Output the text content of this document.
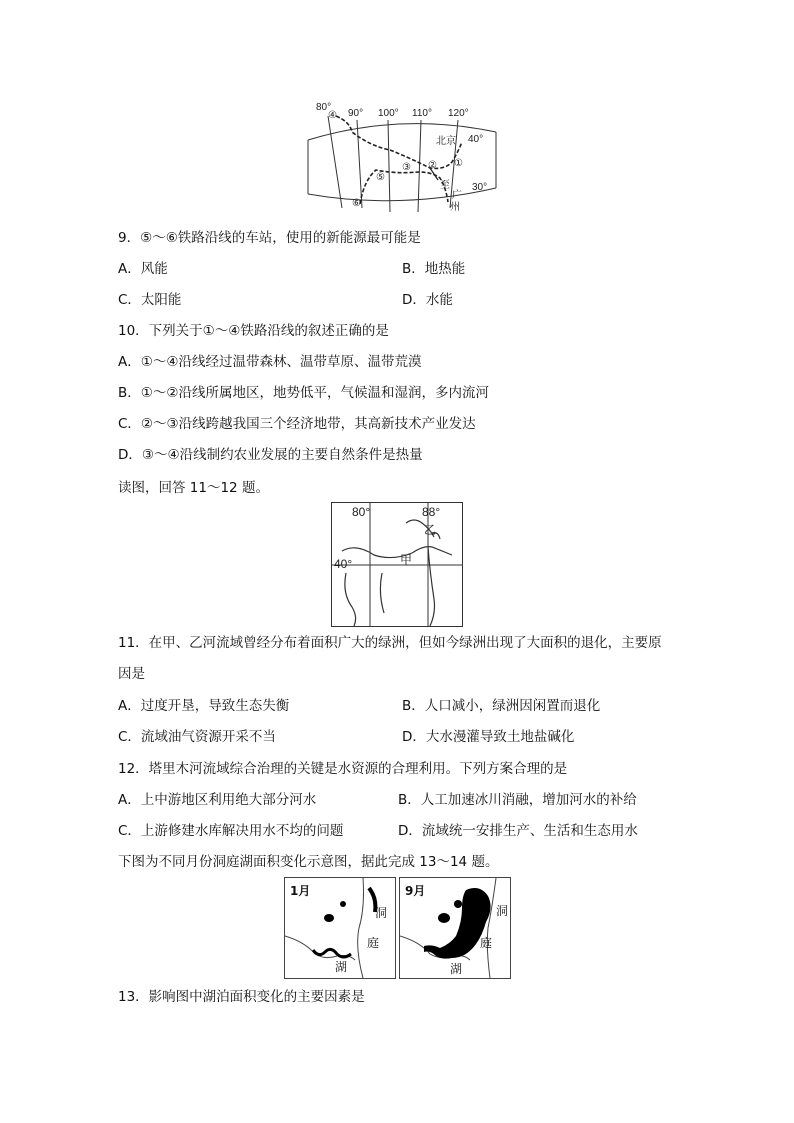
80°
90° 100° 110° 120°
40°
30°
北京
至
广
州
①
②
③
④
⑤
⑥
9．⑤～⑥铁路沿线的车站，使用的新能源最可能是
A．风能	B．地热能
C．太阳能	D．水能
10．下列关于①～④铁路沿线的叙述正确的是
A．①～④沿线经过温带森林、温带草原、温带荒漠
B．①～②沿线所属地区，地势低平，气候温和湿润，多内流河
C．②～③沿线跨越我国三个经济地带，其高新技术产业发达
D．③～④沿线制约农业发展的主要自然条件是热量
读图，回答 11～12 题。
80°	88°
40°	甲
乙
11．在甲、乙河流域曾经分布着面积广大的绿洲，但如今绿洲出现了大面积的退化，主要原
因是
A．过度开垦，导致生态失衡	B．人口减小，绿洲因闲置而退化
C．流域油气资源开采不当	D．大水漫灌导致土地盐碱化
12．塔里木河流域综合治理的关键是水资源的合理利用。下列方案合理的是
A．上中游地区利用绝大部分河水	B．人工加速冰川消融，增加河水的补给
C．上游修建水库解决用水不均的问题	D．流域统一安排生产、生活和生态用水
下图为不同月份洞庭湖面积变化示意图，据此完成 13～14 题。
1月
洞
庭
湖
9月
洞
庭
湖
13．影响图中湖泊面积变化的主要因素是
